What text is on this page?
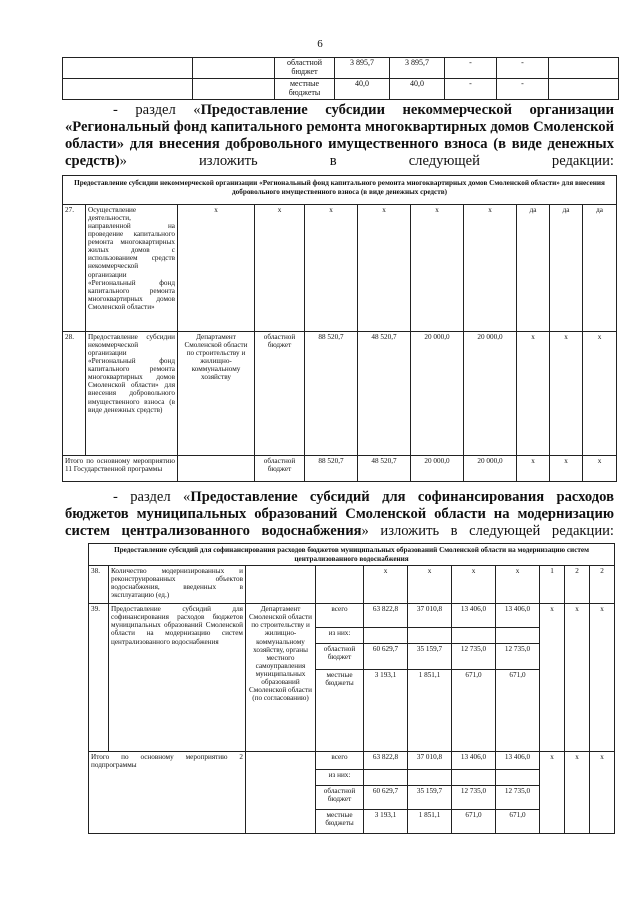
6
		областной бюджет	3 895,7	3 895,7	-	-	
		местные бюджеты	40,0	40,0	-	-	
- раздел «Предоставление субсидии некоммерческой организации «Региональный фонд капитального ремонта многоквартирных домов Смоленской области» для внесения добровольного имущественного взноса (в виде денежных средств)» изложить в следующей редакции:
Предоставление субсидии некоммерческой организации «Региональный фонд капитального ремонта многоквартирных домов Смоленской области» для внесения добровольного имущественного взноса (в виде денежных средств)										
27.	Осуществление деятельности, направленной на проведение капитального ремонта многоквартирных жилых домов с использованием средств некоммерческой организации «Региональный фонд капитального ремонта многоквартирных домов Смоленской области»	х	х	х	х	х	х	да	да	да
28.	Предоставление субсидии некоммерческой организации «Региональный фонд капитального ремонта многоквартирных домов Смоленской области» для внесения добровольного имущественного взноса (в виде денежных средств)	Департамент Смоленской области по строительству и жилищно-коммунальному хозяйству	областной бюджет	88 520,7	48 520,7	20 000,0	20 000,0	х	х	х
Итого по основному мероприятию 11 Государственной программы			областной бюджет	88 520,7	48 520,7	20 000,0	20 000,0	х	х	х
- раздел «Предоставление субсидий для софинансирования расходов бюджетов муниципальных образований Смоленской области на модернизацию систем централизованного водоснабжения» изложить в следующей редакции:
Предоставление субсидий для софинансирования расходов бюджетов муниципальных образований Смоленской области на модернизацию систем централизованного водоснабжения										
38.	Количество модернизированных и реконструированных объектов водоснабжения, введенных в эксплуатацию (ед.)			х	х	х	х	1	2	2
39.	Предоставление субсидий для софинансирования расходов бюджетов муниципальных образований Смоленской области на модернизацию систем централизованного водоснабжения	Департамент Смоленской области по строительству и жилищно-коммунальному хозяйству, органы местного самоуправления муниципальных образований Смоленской области (по согласованию)	всего	63 822,8	37 010,8	13 406,0	13 406,0	х	х	х
			из них:							
			областной бюджет	60 629,7	35 159,7	12 735,0	12 735,0			
			местные бюджеты	3 193,1	1 851,1	671,0	671,0			
Итого по основному мероприятию 2 подпрограммы			всего	63 822,8	37 010,8	13 406,0	13 406,0	х	х	х
			из них:							
			областной бюджет	60 629,7	35 159,7	12 735,0	12 735,0			
			местные бюджеты	3 193,1	1 851,1	671,0	671,0			
